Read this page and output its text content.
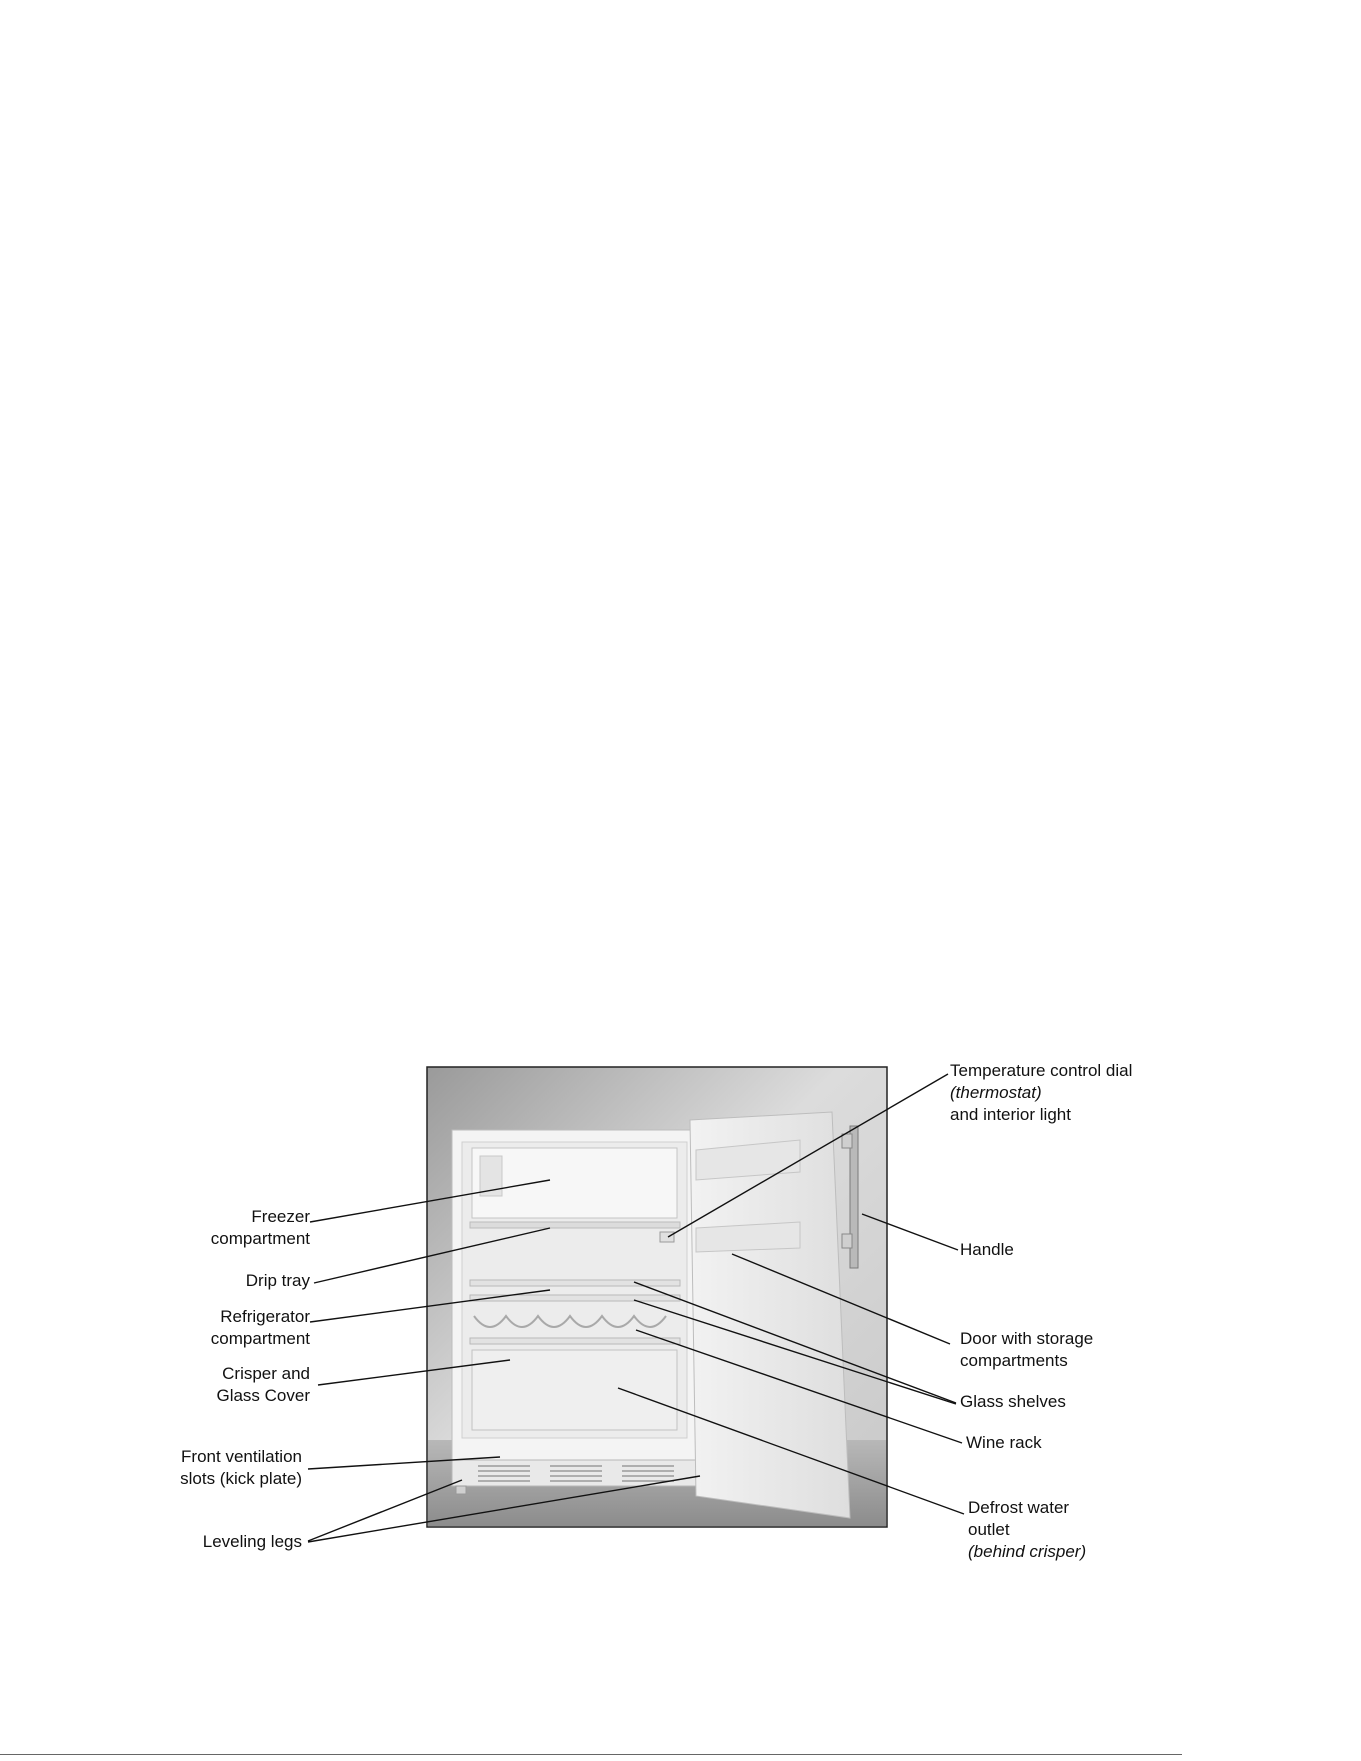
Freezer
compartment
Drip tray
Refrigerator
compartment
Crisper and
Glass Cover
Front ventilation
slots (kick plate)
Leveling legs
Temperature control dial
(thermostat)
and interior light
Handle
Door with storage
compartments
Glass shelves
Wine rack
Defrost water
outlet
(behind crisper)
